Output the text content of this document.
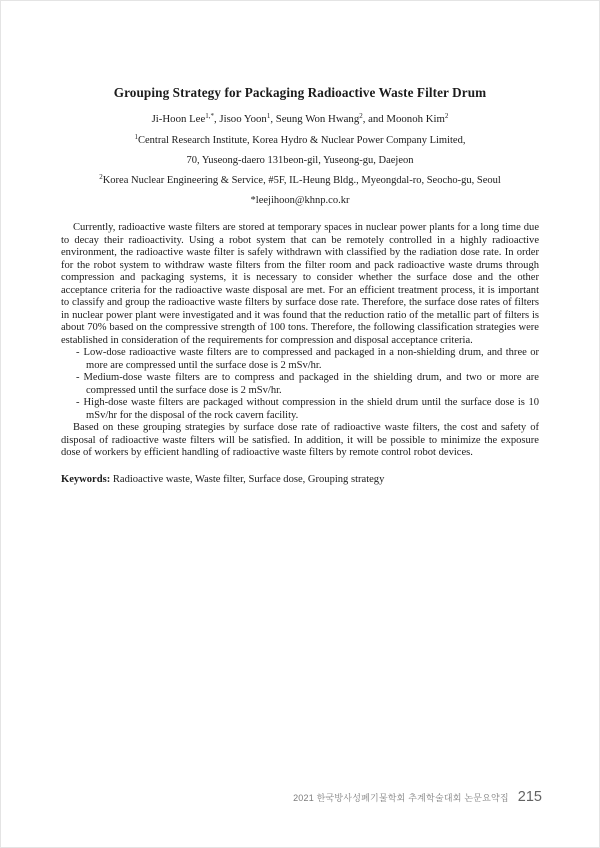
Grouping Strategy for Packaging Radioactive Waste Filter Drum
Ji-Hoon Lee$^{1,*}$, Jisoo Yoon$^1$, Seung Won Hwang$^2$, and Moonoh Kim$^2$
$^1$Central Research Institute, Korea Hydro & Nuclear Power Company Limited,
70, Yuseong-daero 131beon-gil, Yuseong-gu, Daejeon
$^2$Korea Nuclear Engineering & Service, #5F, IL-Heung Bldg., Myeongdal-ro, Seocho-gu, Seoul
*leejihoon@khnp.co.kr

Currently, radioactive waste filters are stored at temporary spaces in nuclear power plants for a long time due to decay their radioactivity. Using a robot system that can be remotely controlled in a highly radioactive environment, the radioactive waste filter is safely withdrawn with classified by the radiation dose rate. In order for the robot system to withdraw waste filters from the filter room and pack radioactive waste drums through compression and packaging systems, it is necessary to consider whether the surface dose and the other acceptance criteria for the radioactive waste disposal are met. For an efficient treatment process, it is important to classify and group the radioactive waste filters by surface dose rate. Therefore, the surface dose rates of filters in nuclear power plant were investigated and it was found that the reduction ratio of the metallic part of filters is about 70% based on the compressive strength of 100 tons. Therefore, the following classification strategies were established in consideration of the requirements for compression and disposal acceptance criteria.

- Low-dose radioactive waste filters are to compressed and packaged in a non-shielding drum, and three or more are compressed until the surface dose is 2 mSv/hr.
- Medium-dose waste filters are to compress and packaged in the shielding drum, and two or more are compressed until the surface dose is 2 mSv/hr.
- High-dose waste filters are packaged without compression in the shield drum until the surface dose is 10 mSv/hr for the disposal of the rock cavern facility.

Based on these grouping strategies by surface dose rate of radioactive waste filters, the cost and safety of disposal of radioactive waste filters will be satisfied. In addition, it will be possible to minimize the exposure dose of workers by efficient handling of radioactive waste filters by remote control robot devices.

Keywords: Radioactive waste, Waste filter, Surface dose, Grouping strategy
2021 한국방사성폐기물학회 추계학술대회 논문요약집 215
